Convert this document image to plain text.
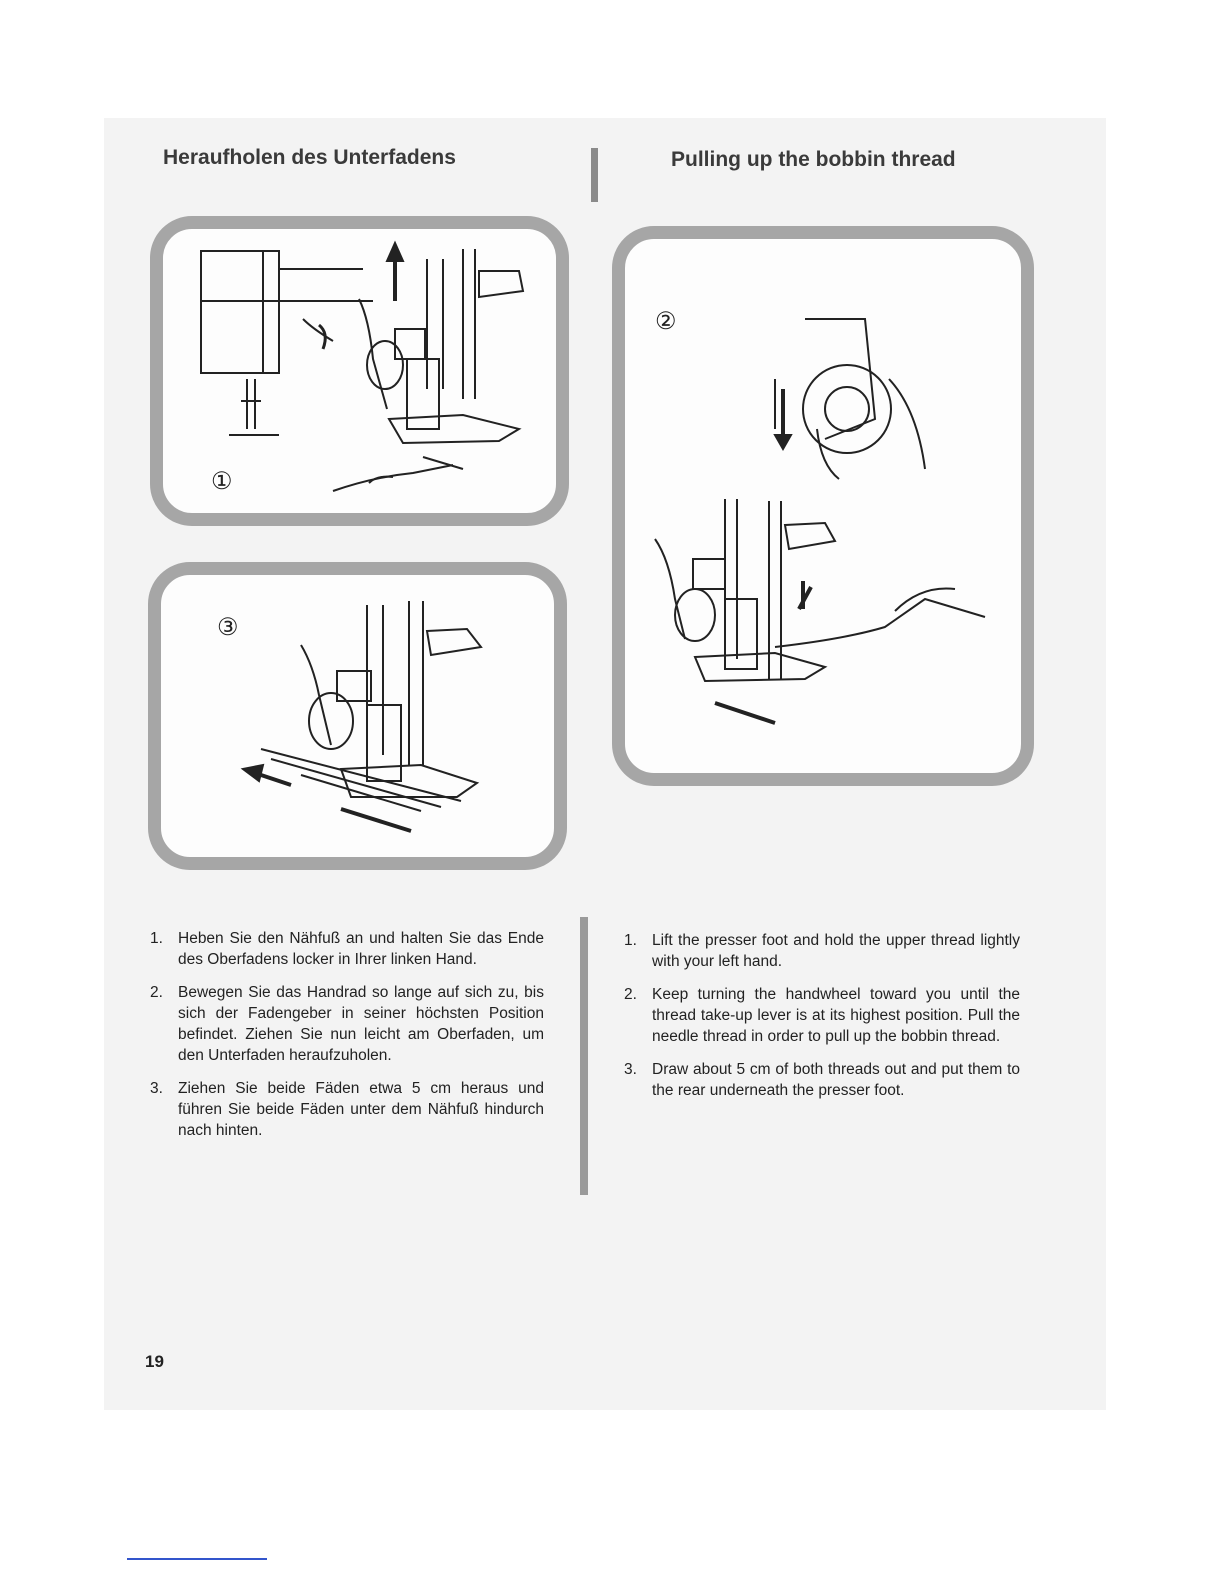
Heraufholen des Unterfadens	Pulling up the bobbin thread
①
③
②
1. Heben Sie den Nähfuß an und halten Sie das Ende des Oberfadens locker in Ihrer linken Hand.
2. Bewegen Sie das Handrad so lange auf sich zu, bis sich der Fadengeber in seiner höchsten Position befindet. Ziehen Sie nun leicht am Oberfaden, um den Unterfaden heraufzuholen.
3. Ziehen Sie beide Fäden etwa 5 cm heraus und führen Sie beide Fäden unter dem Nähfuß hindurch nach hinten.
1. Lift the presser foot and hold the upper thread lightly with your left hand.
2. Keep turning the handwheel toward you until the thread take-up lever is at its highest position. Pull the needle thread in order to pull up the bobbin thread.
3. Draw about 5 cm of both threads out and put them to the rear underneath the presser foot.
19
